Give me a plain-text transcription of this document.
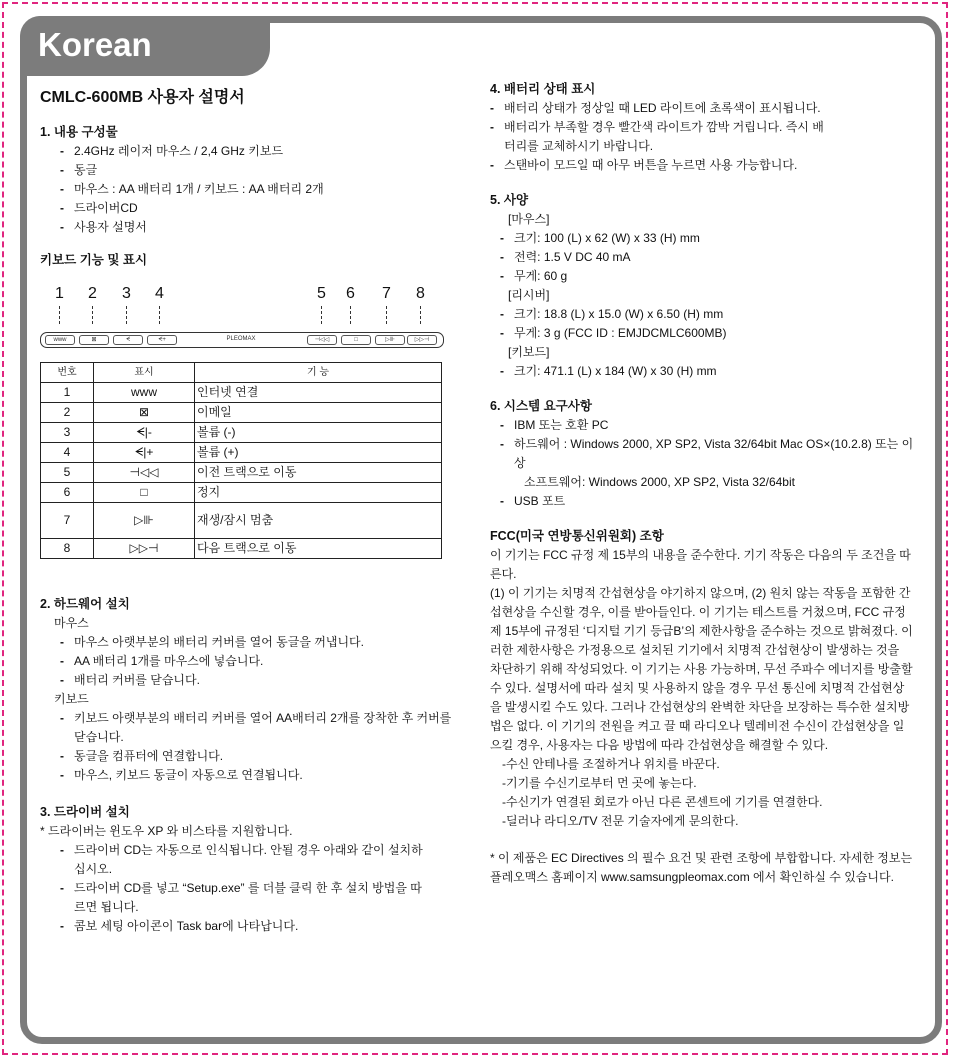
Korean
CMLC-600MB 사용자 설명서
1. 내용 구성물
- 2.4GHz 레이저 마우스 / 2,4 GHz 키보드
- 동글
- 마우스 : AA 배터리 1개 / 키보드 : AA 배터리 2개
- 드라이버CD
- 사용자 설명서
키보드 기능 및 표시
1 2 3 4	5 6 7 8
www	⊠	ᗕ	ᗕ+	PLEOMAX	⊣◁◁	□	▷⊪	▷▷⊣
번호	표시	기 능
1	www	인터넷 연결
2	⊠	이메일
3	ᗕ|-	볼륨 (-)
4	ᗕ|+	볼륨 (+)
5	⊣◁◁	이전 트랙으로 이동
6	□	정지
7	▷⊪	재생/잠시 멈춤
8	▷▷⊣	다음 트랙으로 이동
2. 하드웨어 설치
마우스
- 마우스 아랫부분의 배터리 커버를 열어 동글을 꺼냅니다.
- AA 배터리 1개를 마우스에 넣습니다.
- 배터리 커버를 닫습니다.
키보드
- 키보드 아랫부분의 배터리 커버를 열어 AA배터리 2개를 장착한 후 커버를 닫습니다.
- 동글을 컴퓨터에 연결합니다.
- 마우스, 키보드 동글이 자동으로 연결됩니다.
3. 드라이버 설치
* 드라이버는 윈도우 XP 와 비스타를 지원합니다.
- 드라이버 CD는 자동으로 인식됩니다. 안될 경우 아래와 같이 설치하십시오.
- 드라이버 CD를 넣고 “Setup.exe” 를 더블 클릭 한 후 설치 방법을 따르면 됩니다.
- 콤보 세팅 아이콘이 Task bar에 나타납니다.
4. 배터리 상태 표시
- 배터리 상태가 정상일 때 LED 라이트에 초록색이 표시됩니다.
- 배터리가 부족할 경우 빨간색 라이트가 깜박 거립니다. 즉시 배터리를 교체하시기 바랍니다.
- 스탠바이 모드일 때 아무 버튼을 누르면 사용 가능합니다.
5. 사양
[마우스]
- 크기: 100 (L) x 62 (W) x 33 (H) mm
- 전력: 1.5 V DC 40 mA
- 무게: 60 g
[리시버]
- 크기: 18.8 (L) x 15.0 (W) x 6.50 (H) mm
- 무게: 3 g (FCC ID : EMJDCMLC600MB)
[키보드]
- 크기: 471.1 (L) x 184 (W) x 30 (H) mm
6. 시스템 요구사항
- IBM 또는 호환 PC
- 하드웨어 : Windows 2000, XP SP2, Vista 32/64bit Mac OS×(10.2.8) 또는 이상
소프트웨어: Windows 2000, XP SP2, Vista 32/64bit
- USB 포트
FCC(미국 연방통신위원회) 조항

이 기기는 FCC 규정 제 15부의 내용을 준수한다. 기기 작동은 다음의 두 조건을 따른다.

(1) 이 기기는 치명적 간섭현상을 야기하지 않으며, (2) 원치 않는 작동을 포함한 간섭현상을 수신할 경우, 이를 받아들인다. 이 기기는 테스트를 거쳤으며, FCC 규정 제 15부에 규정된 ‘디지털 기기 등급B’의 제한사항을 준수하는 것으로 밝혀졌다. 이러한 제한사항은 가정용으로 설치된 기기에서 치명적 간섭현상이 발생하는 것을 차단하기 위해 작성되었다. 이 기기는 사용 가능하며, 무선 주파수 에너지를 방출할 수 있다. 설명서에 따라 설치 및 사용하지 않을 경우 무선 통신에 치명적 간섭현상을 발생시킬 수도 있다. 그러나 간섭현상의 완벽한 차단을 보장하는 특수한 설치방법은 없다. 이 기기의 전원을 켜고 끌 때 라디오나 텔레비전 수신이 간섭현상을 일으킬 경우, 사용자는 다음 방법에 따라 간섭현상을 해결할 수 있다.

-수신 안테나를 조절하거나 위치를 바꾼다.
-기기를 수신기로부터 먼 곳에 놓는다.
-수신기가 연결된 회로가 아닌 다른 콘센트에 기기를 연결한다.
-딜러나 라디오/TV 전문 기술자에게 문의한다.

* 이 제품은 EC Directives 의 필수 요건 및 관련 조항에 부합합니다. 자세한 정보는 플레오맥스 홈페이지 www.samsungpleomax.com 에서 확인하실 수 있습니다.
